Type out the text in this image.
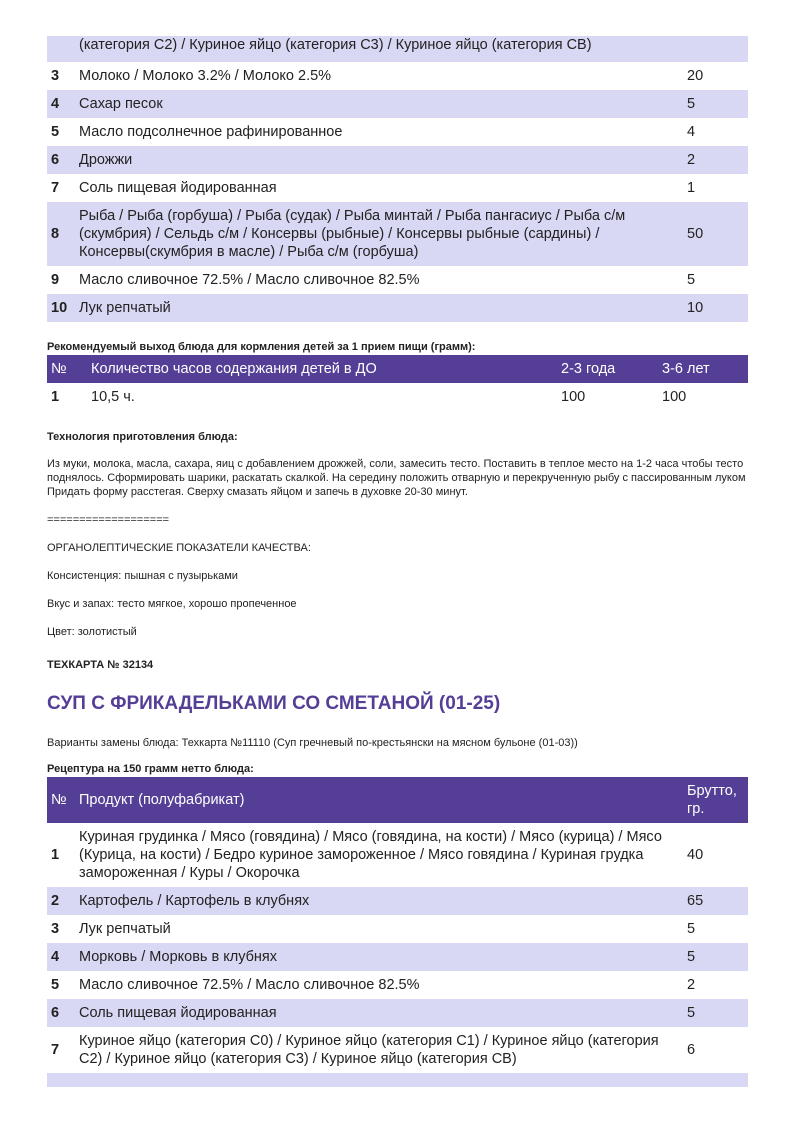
	(категория С2) / Куриное яйцо (категория С3) / Куриное яйцо (категория СВ)	
3	Молоко / Молоко 3.2% / Молоко 2.5%	20
4	Сахар песок	5
5	Масло подсолнечное рафинированное	4
6	Дрожжи	2
7	Соль пищевая йодированная	1
8	Рыба / Рыба (горбуша) / Рыба (судак) / Рыба минтай / Рыба пангасиус / Рыба с/м (скумбрия) / Сельдь с/м / Консервы (рыбные) / Консервы рыбные (сардины) / Консервы(скумбрия в масле) / Рыба с/м (горбуша)	50
9	Масло сливочное 72.5% / Масло сливочное 82.5%	5
10	Лук репчатый	10

Рекомендуемый выход блюда для кормления детей за 1 прием пищи (грамм):

№	Количество часов содержания детей в ДО	2-3 года	3-6 лет
1	10,5 ч.	100	100

Технология приготовления блюда:

Из муки, молока, масла, сахара, яиц с добавлением дрожжей, соли, замесить тесто. Поставить в теплое место на 1-2 часа чтобы тесто поднялось. Сформировать шарики, раскатать скалкой. На середину положить отварную и перекрученную рыбу с пассированным луком Придать форму расстегая. Сверху смазать яйцом и запечь в духовке 20-30 минут.

===================

ОРГАНОЛЕПТИЧЕСКИЕ ПОКАЗАТЕЛИ КАЧЕСТВА:

Консистенция: пышная с пузырьками

Вкус и запах: тесто мягкое, хорошо пропеченное

Цвет: золотистый

ТЕХКАРТА № 32134

СУП С ФРИКАДЕЛЬКАМИ СО СМЕТАНОЙ (01-25)

Варианты замены блюда: Техкарта №11110 (Суп гречневый по-крестьянски на мясном бульоне (01-03))

Рецептура на 150 грамм нетто блюда:

№	Продукт (полуфабрикат)	Брутто, гр.
1	Куриная грудинка / Мясо (говядина) / Мясо (говядина, на кости) / Мясо (курица) / Мясо (Курица, на кости) / Бедро куриное замороженное / Мясо говядина / Куриная грудка замороженная / Куры / Окорочка	40
2	Картофель / Картофель в клубнях	65
3	Лук репчатый	5
4	Морковь / Морковь в клубнях	5
5	Масло сливочное 72.5% / Масло сливочное 82.5%	2
6	Соль пищевая йодированная	5
7	Куриное яйцо (категория С0) / Куриное яйцо (категория С1) / Куриное яйцо (категория С2) / Куриное яйцо (категория С3) / Куриное яйцо (категория СВ)	6
